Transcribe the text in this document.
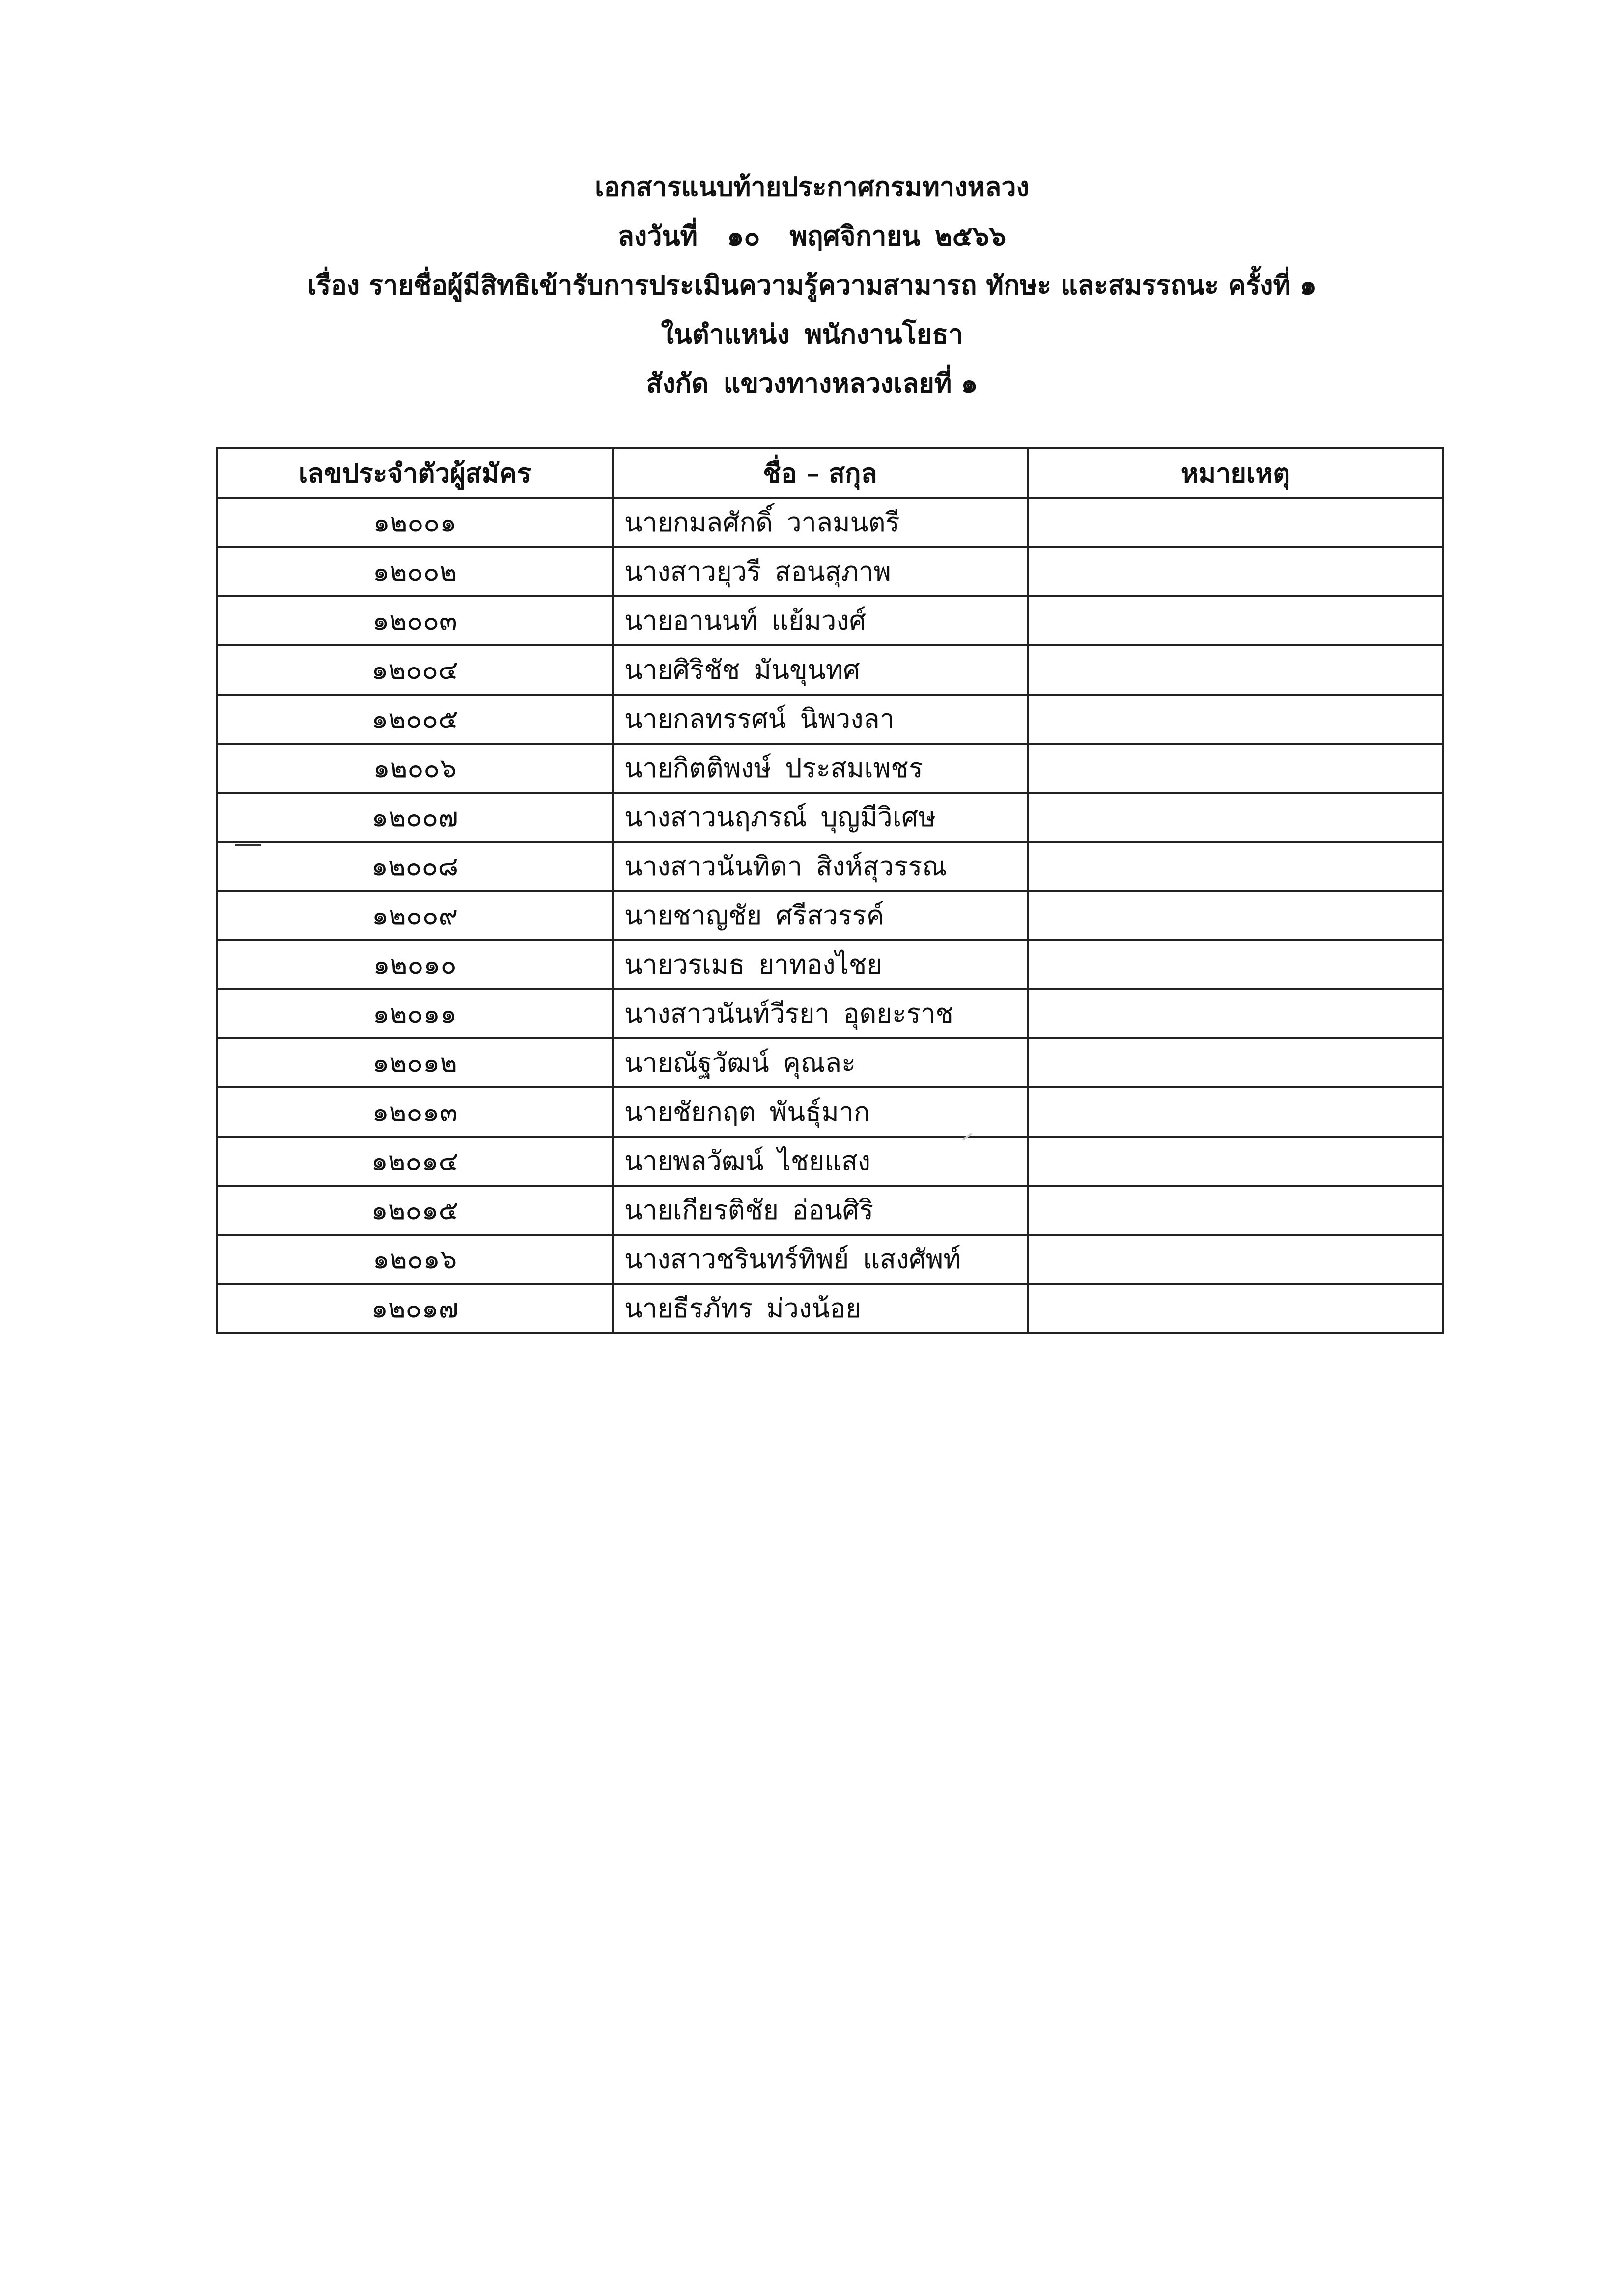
เอกสารแนบท้ายประกาศกรมทางหลวง
ลงวันที่ ๑๐ พฤศจิกายน ๒๕๖๖
เรื่อง รายชื่อผู้มีสิทธิเข้ารับการประเมินความรู้ความสามารถ ทักษะ และสมรรถนะ ครั้งที่ ๑
ในตำแหน่ง พนักงานโยธา
สังกัด แขวงทางหลวงเลยที่ ๑
เลขประจำตัวผู้สมัคร	ชื่อ – สกุล	หมายเหตุ
๑๒๐๐๑	นายกมลศักดิ์ วาลมนตรี	
๑๒๐๐๒	นางสาวยุวรี สอนสุภาพ	
๑๒๐๐๓	นายอานนท์ แย้มวงศ์	
๑๒๐๐๔	นายศิริชัช มันขุนทศ	
๑๒๐๐๕	นายกลทรรศน์ นิพวงลา	
๑๒๐๐๖	นายกิตติพงษ์ ประสมเพชร	
๑๒๐๐๗	นางสาวนฤภรณ์ บุญมีวิเศษ	
๑๒๐๐๘	นางสาวนันทิดา สิงห์สุวรรณ	
๑๒๐๐๙	นายชาญชัย ศรีสวรรค์	
๑๒๐๑๐	นายวรเมธ ยาทองไชย	
๑๒๐๑๑	นางสาวนันท์วีรยา อุดยะราช	
๑๒๐๑๒	นายณัฐวัฒน์ คุณละ	
๑๒๐๑๓	นายชัยกฤต พันธุ์มาก	
๑๒๐๑๔	นายพลวัฒน์ ไชยแสง	
๑๒๐๑๕	นายเกียรติชัย อ่อนศิริ	
๑๒๐๑๖	นางสาวชรินทร์ทิพย์ แสงศัพท์	
๑๒๐๑๗	นายธีรภัทร ม่วงน้อย	
